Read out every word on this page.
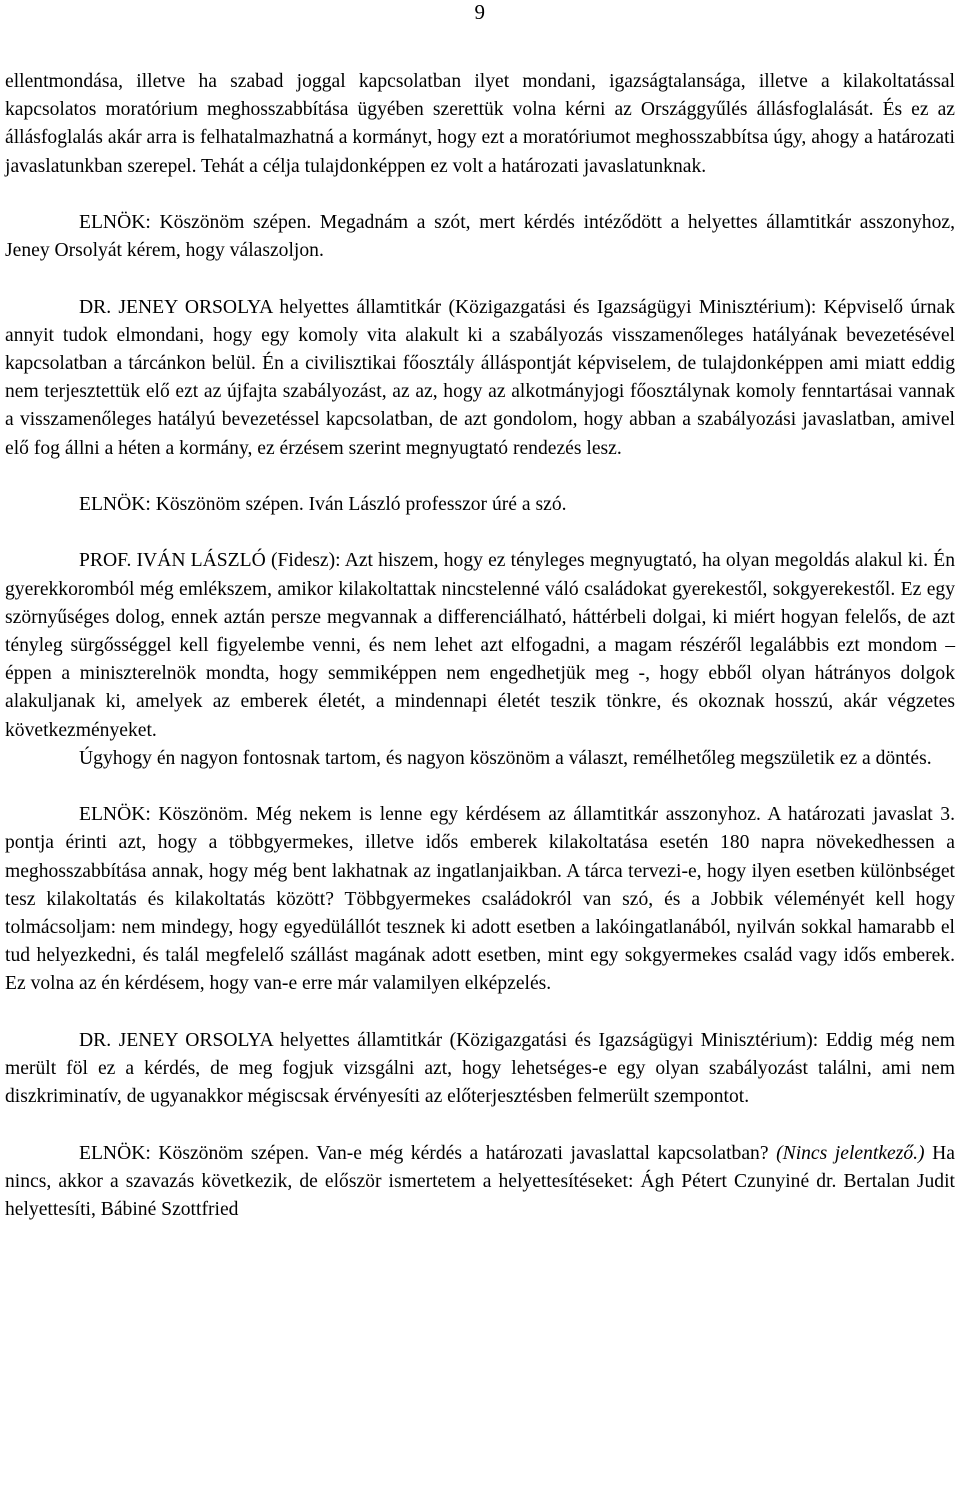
9

ellentmondása, illetve ha szabad joggal kapcsolatban ilyet mondani, igazságtalansága, illetve a kilakoltatással kapcsolatos moratórium meghosszabbítása ügyében szerettük volna kérni az Országgyűlés állásfoglalását. És ez az állásfoglalás akár arra is felhatalmazhatná a kormányt, hogy ezt a moratóriumot meghosszabbítsa úgy, ahogy a határozati javaslatunkban szerepel. Tehát a célja tulajdonképpen ez volt a határozati javaslatunknak.

ELNÖK: Köszönöm szépen. Megadnám a szót, mert kérdés intéződött a helyettes államtitkár asszonyhoz, Jeney Orsolyát kérem, hogy válaszoljon.

DR. JENEY ORSOLYA helyettes államtitkár (Közigazgatási és Igazságügyi Minisztérium): Képviselő úrnak annyit tudok elmondani, hogy egy komoly vita alakult ki a szabályozás visszamenőleges hatályának bevezetésével kapcsolatban a tárcánkon belül. Én a civilisztikai főosztály álláspontját képviselem, de tulajdonképpen ami miatt eddig nem terjesztettük elő ezt az újfajta szabályozást, az az, hogy az alkotmányjogi főosztálynak komoly fenntartásai vannak a visszamenőleges hatályú bevezetéssel kapcsolatban, de azt gondolom, hogy abban a szabályozási javaslatban, amivel elő fog állni a héten a kormány, ez érzésem szerint megnyugtató rendezés lesz.

ELNÖK: Köszönöm szépen. Iván László professzor úré a szó.

PROF. IVÁN LÁSZLÓ (Fidesz): Azt hiszem, hogy ez tényleges megnyugtató, ha olyan megoldás alakul ki. Én gyerekkoromból még emlékszem, amikor kilakoltattak nincstelenné váló családokat gyerekestől, sokgyerekestől. Ez egy szörnyűséges dolog, ennek aztán persze megvannak a differenciálható, háttérbeli dolgai, ki miért hogyan felelős, de azt tényleg sürgősséggel kell figyelembe venni, és nem lehet azt elfogadni, a magam részéről legalábbis ezt mondom – éppen a miniszterelnök mondta, hogy semmiképpen nem engedhetjük meg -, hogy ebből olyan hátrányos dolgok alakuljanak ki, amelyek az emberek életét, a mindennapi életét teszik tönkre, és okoznak hosszú, akár végzetes következményeket.

Úgyhogy én nagyon fontosnak tartom, és nagyon köszönöm a választ, remélhetőleg megszületik ez a döntés.

ELNÖK: Köszönöm. Még nekem is lenne egy kérdésem az államtitkár asszonyhoz. A határozati javaslat 3. pontja érinti azt, hogy a többgyermekes, illetve idős emberek kilakoltatása esetén 180 napra növekedhessen a meghosszabbítása annak, hogy még bent lakhatnak az ingatlanjaikban. A tárca tervezi-e, hogy ilyen esetben különbséget tesz kilakoltatás és kilakoltatás között? Többgyermekes családokról van szó, és a Jobbik véleményét kell hogy tolmácsoljam: nem mindegy, hogy egyedülállót tesznek ki adott esetben a lakóingatlanából, nyilván sokkal hamarabb el tud helyezkedni, és talál megfelelő szállást magának adott esetben, mint egy sokgyermekes család vagy idős emberek. Ez volna az én kérdésem, hogy van-e erre már valamilyen elképzelés.

DR. JENEY ORSOLYA helyettes államtitkár (Közigazgatási és Igazságügyi Minisztérium): Eddig még nem merült föl ez a kérdés, de meg fogjuk vizsgálni azt, hogy lehetséges-e egy olyan szabályozást találni, ami nem diszkriminatív, de ugyanakkor mégiscsak érvényesíti az előterjesztésben felmerült szempontot.

ELNÖK: Köszönöm szépen. Van-e még kérdés a határozati javaslattal kapcsolatban? (Nincs jelentkező.) Ha nincs, akkor a szavazás következik, de először ismertetem a helyettesítéseket: Ágh Pétert Czunyiné dr. Bertalan Judit helyettesíti, Bábiné Szottfried
